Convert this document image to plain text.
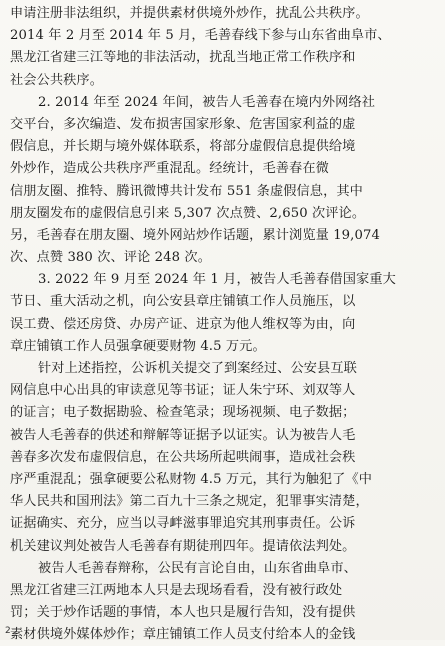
申请注册非法组织，并提供素材供境外炒作，扰乱公共秩序。
2014 年 2 月至 2014 年 5 月，毛善春线下参与山东省曲阜市、
黑龙江省建三江等地的非法活动，扰乱当地正常工作秩序和
社会公共秩序。
2. 2014 年至 2024 年间，被告人毛善春在境内外网络社
交平台，多次编造、发布损害国家形象、危害国家利益的虚
假信息，并长期与境外媒体联系，将部分虚假信息提供给境
外炒作，造成公共秩序严重混乱。经统计，毛善春在微
信朋友圈、推特、腾讯微博共计发布 551 条虚假信息，其中
朋友圈发布的虚假信息引来 5,307 次点赞、2,650 次评论。
另，毛善春在朋友圈、境外网站炒作话题，累计浏览量 19,074
次、点赞 380 次、评论 248 次。
3. 2022 年 9 月至 2024 年 1 月，被告人毛善春借国家重大
节日、重大活动之机，向公安县章庄铺镇工作人员施压，以
误工费、偿还房贷、办房产证、进京为他人维权等为由，向
章庄铺镇工作人员强拿硬要财物 4.5 万元。
针对上述指控，公诉机关提交了到案经过、公安县互联
网信息中心出具的审读意见等书证；证人朱宁环、刘双等人
的证言；电子数据勘验、检查笔录；现场视频、电子数据；
被告人毛善春的供述和辩解等证据予以证实。认为被告人毛
善春多次发布虚假信息，在公共场所起哄闹事，造成社会秩
序严重混乱；强拿硬要公私财物 4.5 万元，其行为触犯了《中
华人民共和国刑法》第二百九十三条之规定，犯罪事实清楚，
证据确实、充分，应当以寻衅滋事罪追究其刑事责任。公诉
机关建议判处被告人毛善春有期徒刑四年。提请依法判处。
被告人毛善春辩称，公民有言论自由，山东省曲阜市、
黑龙江省建三江两地本人只是去现场看看，没有被行政处
罚；关于炒作话题的事情，本人也只是履行告知，没有提供
素材供境外媒体炒作；章庄铺镇工作人员支付给本人的金钱
2
